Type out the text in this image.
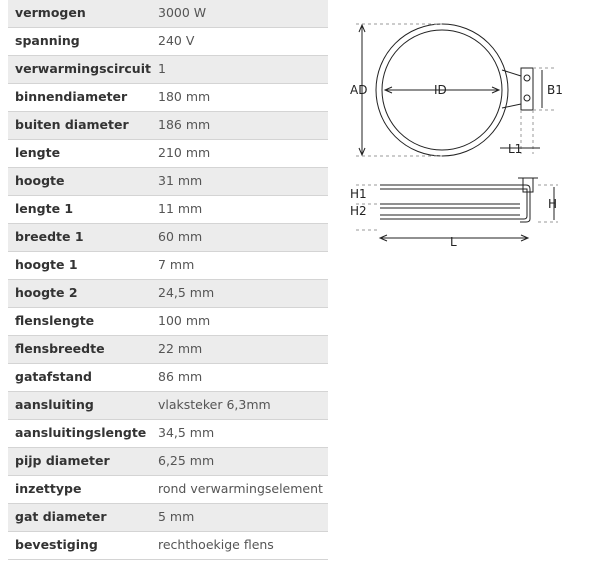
vermogen	3000 W
spanning	240 V
verwarmingscircuit	1
binnendiameter	180 mm
buiten diameter	186 mm
lengte	210 mm
hoogte	31 mm
lengte 1	11 mm
breedte 1	60 mm
hoogte 1	7 mm
hoogte 2	24,5 mm
flenslengte	100 mm
flensbreedte	22 mm
gatafstand	86 mm
aansluiting	vlaksteker 6,3mm
aansluitingslengte	34,5 mm
pijp diameter	6,25 mm
inzettype	rond verwarmingselement
gat diameter	5 mm
bevestiging	rechthoekige flens
AD	ID	B1
L1
H1
H2	H
L
